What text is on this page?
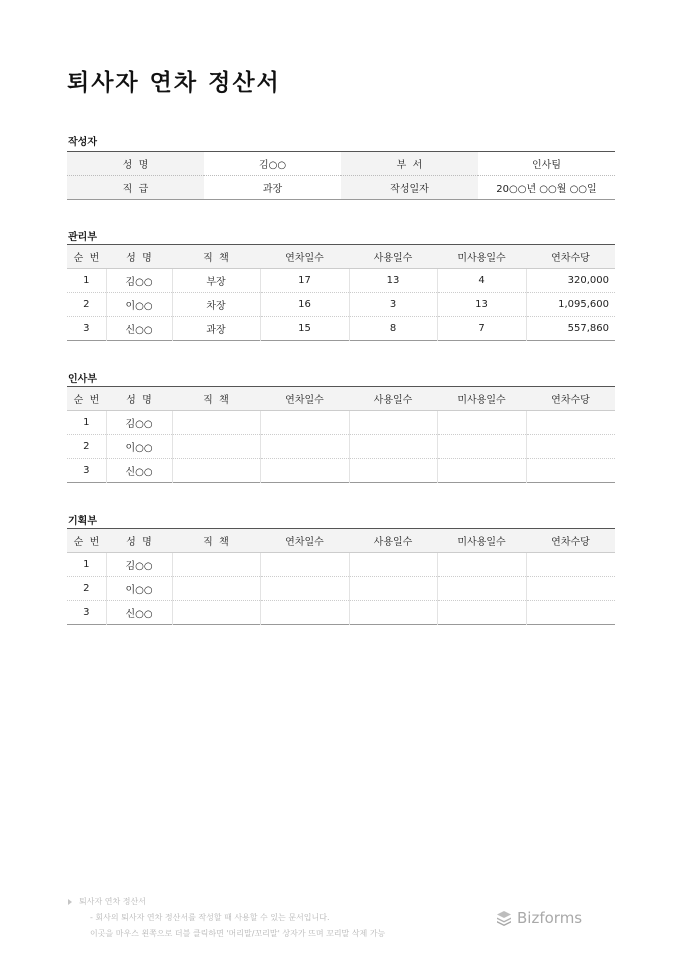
퇴사자 연차 정산서
작성자
성  명	김○○	부  서	인사팀
직  급	과장	작성일자	20○○년 ○○월 ○○일
관리부
순  번	성  명	직  책	연차일수	사용일수	미사용일수	연차수당
1	김○○	부장	17	13	4	320,000
2	이○○	차장	16	3	13	1,095,600
3	신○○	과장	15	8	7	557,860
인사부
순  번	성  명	직  책	연차일수	사용일수	미사용일수	연차수당
1	김○○					
2	이○○					
3	신○○					
기획부
순  번	성  명	직  책	연차일수	사용일수	미사용일수	연차수당
1	김○○					
2	이○○					
3	신○○					
퇴사자 연차 정산서
- 회사의 퇴사자 연차 정산서를 작성할 때 사용할 수 있는 문서입니다.
이곳을 마우스 왼쪽으로 더블 클릭하면 '머리말/꼬리말' 상자가 뜨며 꼬리말 삭제 가능
Bizforms
